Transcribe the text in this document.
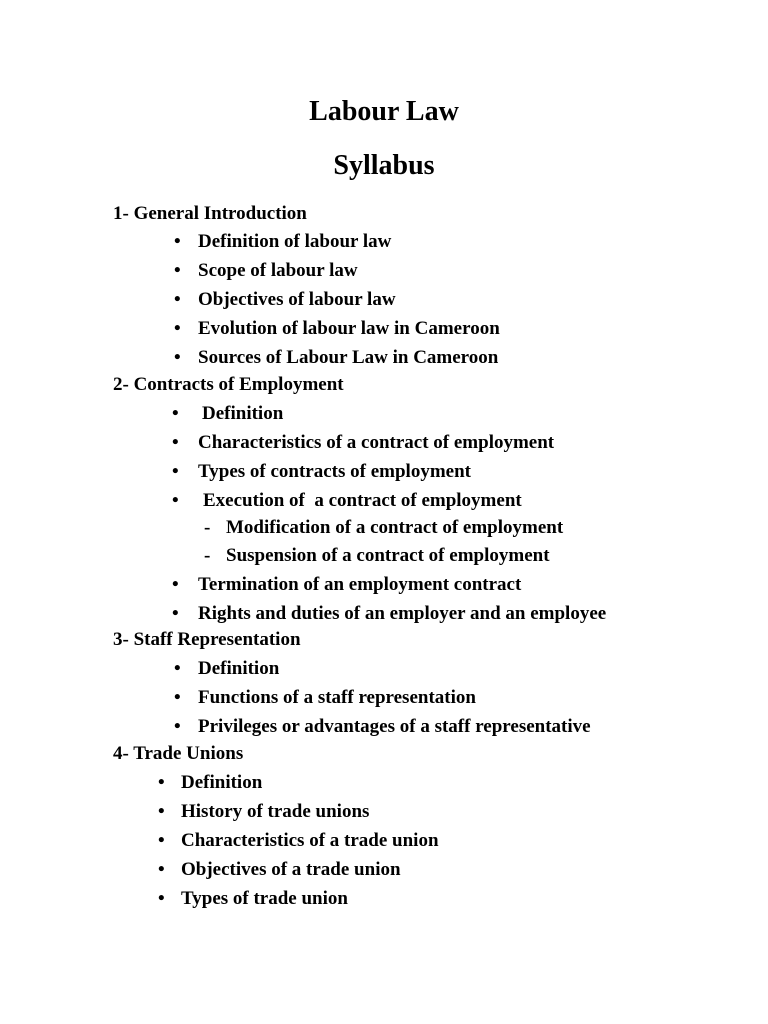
Labour Law
Syllabus
1- General Introduction
• Definition of labour law
• Scope of labour law
• Objectives of labour law
• Evolution of labour law in Cameroon
• Sources of Labour Law in Cameroon
2- Contracts of Employment
• Definition
• Characteristics of a contract of employment
• Types of contracts of employment
• Execution of  a contract of employment
- Modification of a contract of employment
- Suspension of a contract of employment
• Termination of an employment contract
• Rights and duties of an employer and an employee
3- Staff Representation
• Definition
• Functions of a staff representation
• Privileges or advantages of a staff representative
4- Trade Unions
• Definition
• History of trade unions
• Characteristics of a trade union
• Objectives of a trade union
• Types of trade union
